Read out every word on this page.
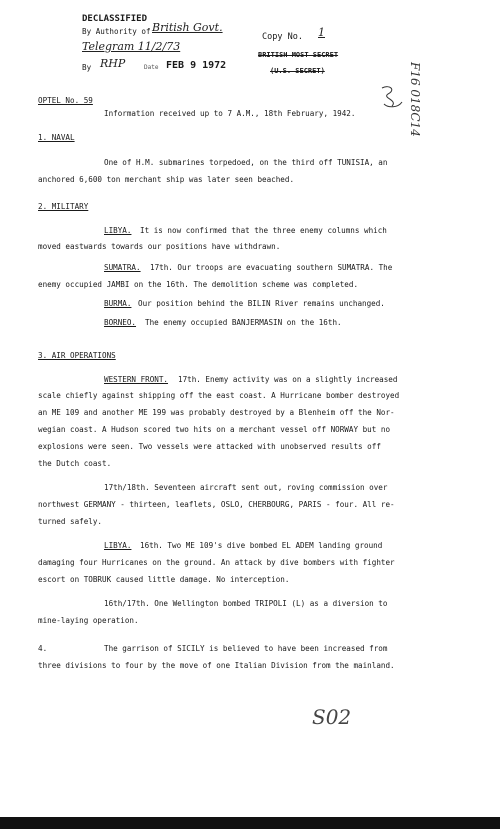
DECLASSIFIED
By Authority of British Govt.
Telegram 11/2/73
By RHP	Date FEB 9 1972
Copy No. 1
BRITISH MOST SECRET
(U.S. SECRET)	F16 018C14
OPTEL No. 59
Information received up to 7 A.M., 18th February, 1942.
1. NAVAL
One of H.M. submarines torpedoed, on the third off TUNISIA, an
anchored 6,600 ton merchant ship was later seen beached.
2. MILITARY
LIBYA. It is now confirmed that the three enemy columns which
moved eastwards towards our positions have withdrawn.
SUMATRA. 17th. Our troops are evacuating southern SUMATRA. The
enemy occupied JAMBI on the 16th. The demolition scheme was completed.
BURMA. Our position behind the BILIN River remains unchanged.
BORNEO. The enemy occupied BANJERMASIN on the 16th.
3. AIR OPERATIONS
WESTERN FRONT. 17th. Enemy activity was on a slightly increased
scale chiefly against shipping off the east coast. A Hurricane bomber destroyed
an ME 109 and another ME 199 was probably destroyed by a Blenheim off the Nor-
wegian coast. A Hudson scored two hits on a merchant vessel off NORWAY but no
explosions were seen. Two vessels were attacked with unobserved results off
the Dutch coast.
17th/18th. Seventeen aircraft sent out, roving commission over
northwest GERMANY - thirteen, leaflets, OSLO, CHERBOURG, PARIS - four. All re-
turned safely.
LIBYA. 16th. Two ME 109's dive bombed EL ADEM landing ground
damaging four Hurricanes on the ground. An attack by dive bombers with fighter
escort on TOBRUK caused little damage. No interception.
16th/17th. One Wellington bombed TRIPOLI (L) as a diversion to
mine-laying operation.
4.	The garrison of SICILY is believed to have been increased from
three divisions to four by the move of one Italian Division from the mainland.
S02
